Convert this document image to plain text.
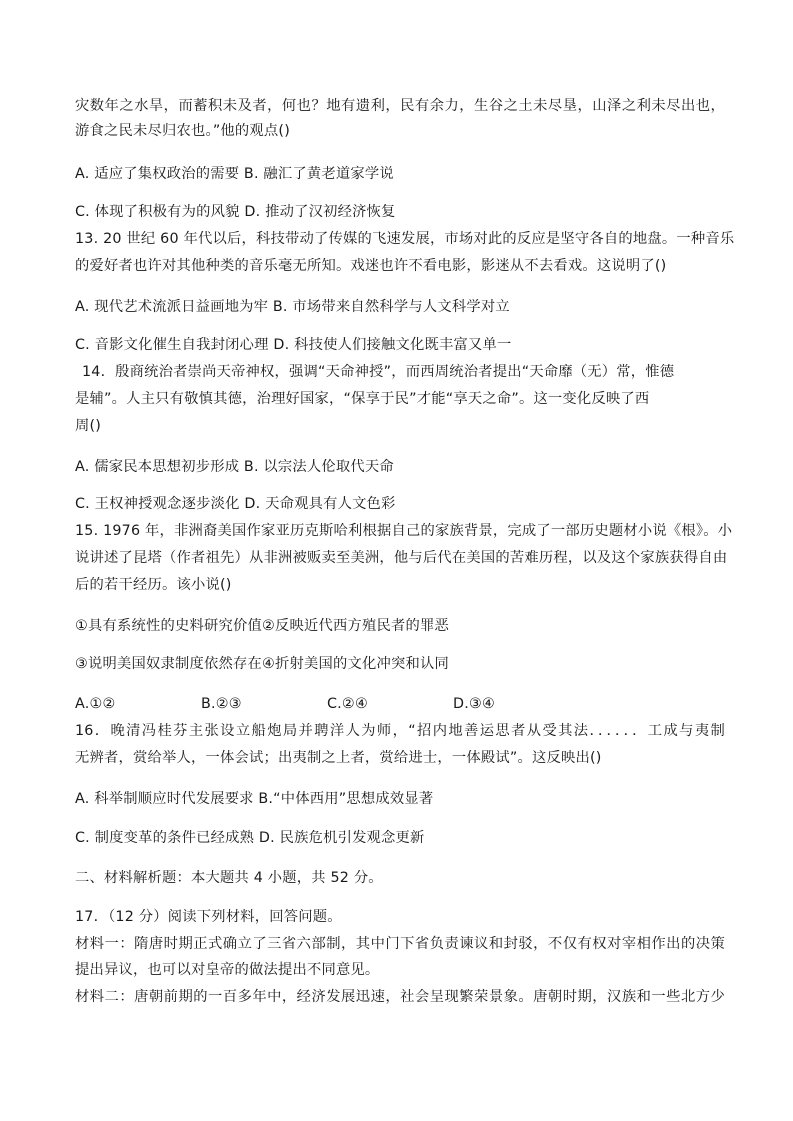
灾数年之水旱，而蓄积未及者，何也？地有遗利，民有余力，生谷之土未尽垦，山泽之利未尽出也，
游食之民未尽归农也。”他的观点()
A. 适应了集权政治的需要 B. 融汇了黄老道家学说
C. 体现了积极有为的风貌 D. 推动了汉初经济恢复
13. 20 世纪 60 年代以后，科技带动了传媒的飞速发展，市场对此的反应是坚守各自的地盘。一种音乐
的爱好者也许对其他种类的音乐毫无所知。戏迷也许不看电影，影迷从不去看戏。这说明了()
A. 现代艺术流派日益画地为牢 B. 市场带来自然科学与人文科学对立
C. 音影文化催生自我封闭心理 D. 科技使人们接触文化既丰富又单一
14．殷商统治者崇尚天帝神权，强调“天命神授”，而西周统治者提出“天命靡（无）常，惟德
是辅”。人主只有敬慎其德，治理好国家，“保享于民”才能“享天之命”。这一变化反映了西
周()
A. 儒家民本思想初步形成 B. 以宗法人伦取代天命
C. 王权神授观念逐步淡化 D. 天命观具有人文色彩
15. 1976 年，非洲裔美国作家亚历克斯哈利根据自己的家族背景，完成了一部历史题材小说《根》。小
说讲述了昆塔（作者祖先）从非洲被贩卖至美洲，他与后代在美国的苦难历程，以及这个家族获得自由
后的若干经历。该小说()
①具有系统性的史料研究价值②反映近代西方殖民者的罪恶
③说明美国奴隶制度依然存在④折射美国的文化冲突和认同
A.①②	B.②③	C.②④	D.③④
16．晚清冯桂芬主张设立船炮局并聘洋人为师，“招内地善运思者从受其法．．．．．．工成与夷制
无辨者，赏给举人，一体会试；出夷制之上者，赏给进士，一体殿试”。这反映出()
A. 科举制顺应时代发展要求 B.“中体西用”思想成效显著
C. 制度变革的条件已经成熟 D. 民族危机引发观念更新
二、材料解析题：本大题共 4 小题，共 52 分。
17．（12 分）阅读下列材料，回答问题。
材料一：隋唐时期正式确立了三省六部制，其中门下省负责谏议和封驳，不仅有权对宰相作出的决策
提出异议，也可以对皇帝的做法提出不同意见。
材料二：唐朝前期的一百多年中，经济发展迅速，社会呈现繁荣景象。唐朝时期，汉族和一些北方少
